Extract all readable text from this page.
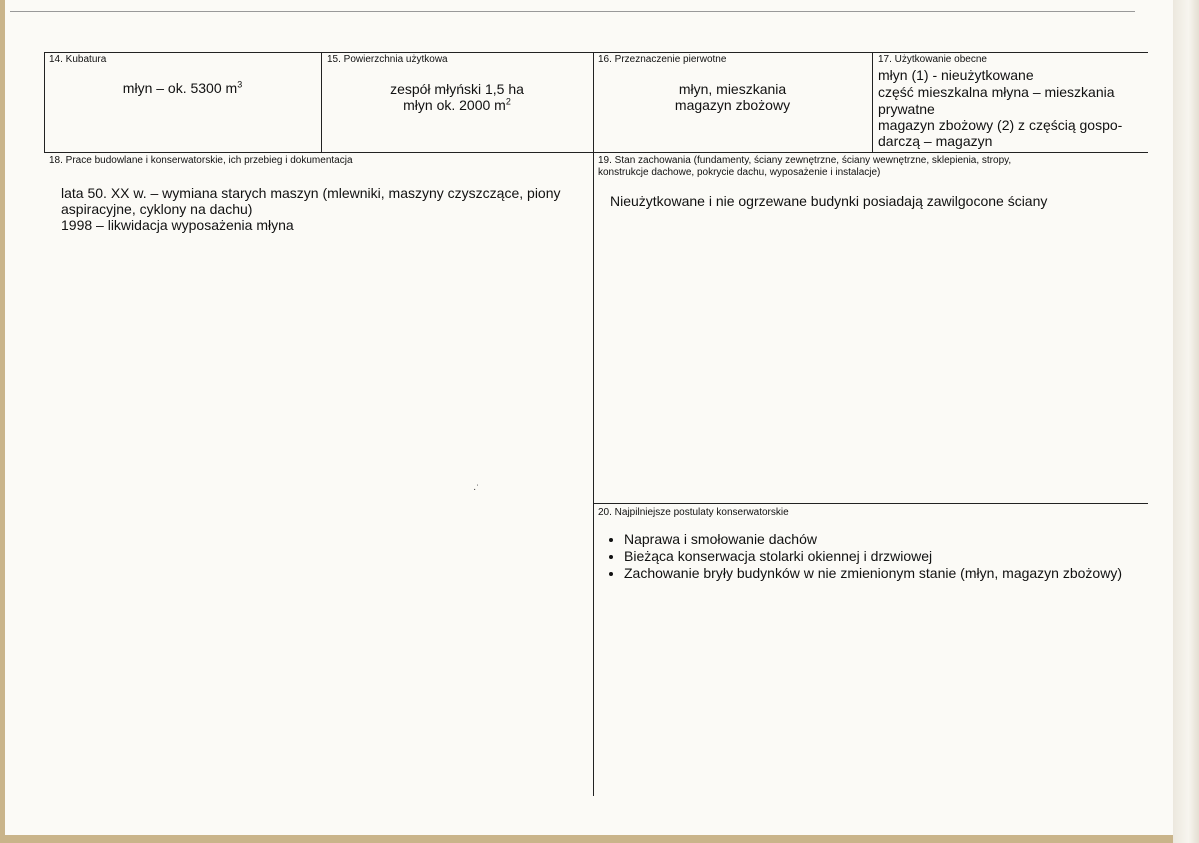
14. Kubatura
młyn – ok. 5300 $m^3$
15. Powierzchnia użytkowa
zespół młyński 1,5 ha
młyn ok. 2000 $m^2$
16. Przeznaczenie pierwotne
młyn, mieszkania
magazyn zbożowy
17. Użytkowanie obecne
młyn (1) - nieużytkowane
część mieszkalna młyna – mieszkania
prywatne
magazyn zbożowy (2) z częścią gospo-
darczą – magazyn
18. Prace budowlane i konserwatorskie, ich przebieg i dokumentacja
lata 50. XX w. – wymiana starych maszyn (mlewniki, maszyny czyszczące, piony
aspiracyjne, cyklony na dachu)
1998 – likwidacja wyposażenia młyna
19. Stan zachowania (fundamenty, ściany zewnętrzne, ściany wewnętrzne, sklepienia, stropy,
konstrukcje dachowe, pokrycie dachu, wyposażenie i instalacje)
Nieużytkowane i nie ogrzewane budynki posiadają zawilgocone ściany
20. Najpilniejsze postulaty konserwatorskie
• Naprawa i smołowanie dachów
• Bieżąca konserwacja stolarki okiennej i drzwiowej
• Zachowanie bryły budynków w nie zmienionym stanie (młyn, magazyn zbożowy)
·˙
